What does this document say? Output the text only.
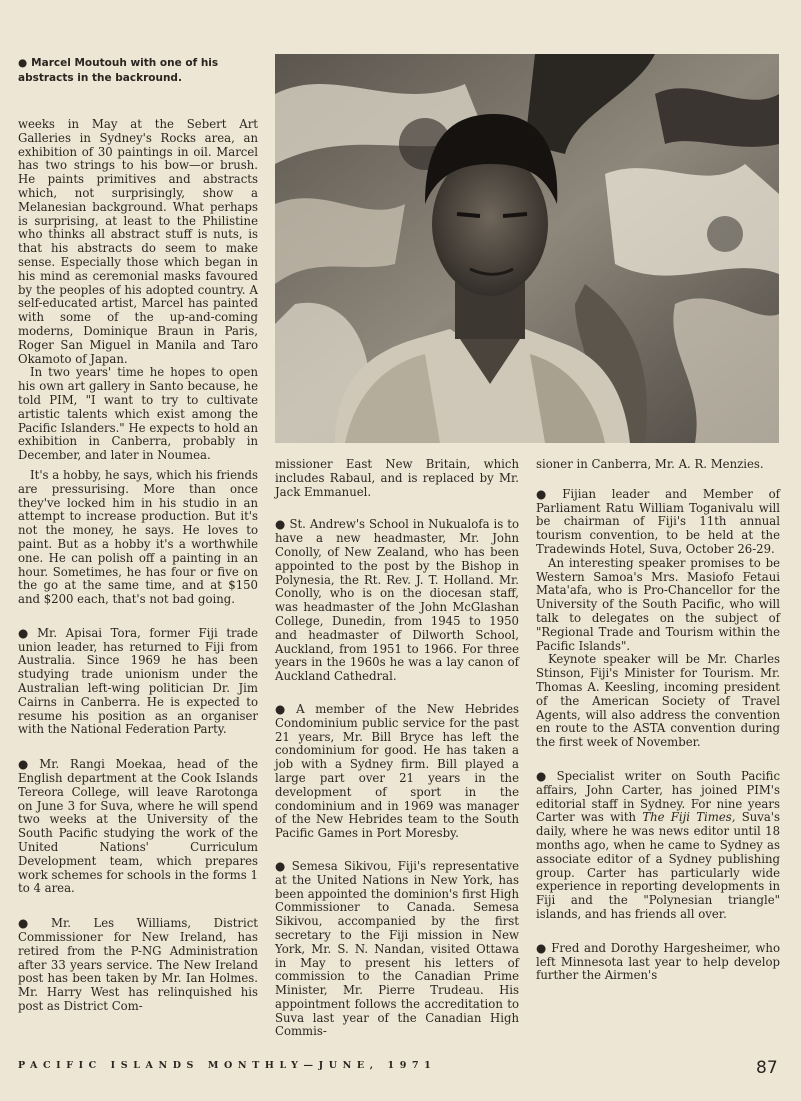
● Marcel Moutouh with one of his abstracts in the backround.

weeks in May at the Sebert Art Galleries in Sydney's Rocks area, an exhibition of 30 paintings in oil. Marcel has two strings to his bow—or brush. He paints primitives and abstracts which, not surprisingly, show a Melanesian background. What perhaps is surprising, at least to the Philistine who thinks all abstract stuff is nuts, is that his abstracts do seem to make sense. Especially those which began in his mind as ceremonial masks favoured by the peoples of his adopted country. A self-educated artist, Marcel has painted with some of the up-and-coming moderns, Dominique Braun in Paris, Roger San Miguel in Manila and Taro Okamoto of Japan.

In two years' time he hopes to open his own art gallery in Santo because, he told PIM, "I want to try to cultivate artistic talents which exist among the Pacific Islanders." He expects to hold an exhibition in Canberra, probably in December, and later in Noumea.

It's a hobby, he says, which his friends are pressurising. More than once they've locked him in his studio in an attempt to increase production. But it's not the money, he says. He loves to paint. But as a hobby it's a worthwhile one. He can polish off a painting in an hour. Sometimes, he has four or five on the go at the same time, and at $150 and $200 each, that's not bad going.

● Mr. Apisai Tora, former Fiji trade union leader, has returned to Fiji from Australia. Since 1969 he has been studying trade unionism under the Australian left-wing politician Dr. Jim Cairns in Canberra. He is expected to resume his position as an organiser with the National Federation Party.

● Mr. Rangi Moekaa, head of the English department at the Cook Islands Tereora College, will leave Rarotonga on June 3 for Suva, where he will spend two weeks at the University of the South Pacific studying the work of the United Nations' Curriculum Development team, which prepares work schemes for schools in the forms 1 to 4 area.

● Mr. Les Williams, District Commissioner for New Ireland, has retired from the P-NG Administration after 33 years service. The New Ireland post has been taken by Mr. Ian Holmes. Mr. Harry West has relinquished his post as District Com-

missioner East New Britain, which includes Rabaul, and is replaced by Mr. Jack Emmanuel.

● St. Andrew's School in Nukualofa is to have a new headmaster, Mr. John Conolly, of New Zealand, who has been appointed to the post by the Bishop in Polynesia, the Rt. Rev. J. T. Holland. Mr. Conolly, who is on the diocesan staff, was headmaster of the John McGlashan College, Dunedin, from 1945 to 1950 and headmaster of Dilworth School, Auckland, from 1951 to 1966. For three years in the 1960s he was a lay canon of Auckland Cathedral.

● A member of the New Hebrides Condominium public service for the past 21 years, Mr. Bill Bryce has left the condominium for good. He has taken a job with a Sydney firm. Bill played a large part over 21 years in the development of sport in the condominium and in 1969 was manager of the New Hebrides team to the South Pacific Games in Port Moresby.

● Semesa Sikivou, Fiji's representative at the United Nations in New York, has been appointed the dominion's first High Commissioner to Canada. Semesa Sikivou, accompanied by the first secretary to the Fiji mission in New York, Mr. S. N. Nandan, visited Ottawa in May to present his letters of commission to the Canadian Prime Minister, Mr. Pierre Trudeau. His appointment follows the accreditation to Suva last year of the Canadian High Commis-

sioner in Canberra, Mr. A. R. Menzies.

● Fijian leader and Member of Parliament Ratu William Toganivalu will be chairman of Fiji's 11th annual tourism convention, to be held at the Tradewinds Hotel, Suva, October 26-29.

An interesting speaker promises to be Western Samoa's Mrs. Masiofo Fetaui Mata'afa, who is Pro-Chancellor for the University of the South Pacific, who will talk to delegates on the subject of "Regional Trade and Tourism within the Pacific Islands".

Keynote speaker will be Mr. Charles Stinson, Fiji's Minister for Tourism. Mr. Thomas A. Keesling, incoming president of the American Society of Travel Agents, will also address the convention en route to the ASTA convention during the first week of November.

● Specialist writer on South Pacific affairs, John Carter, has joined PIM's editorial staff in Sydney. For nine years Carter was with The Fiji Times, Suva's daily, where he was news editor until 18 months ago, when he came to Sydney as associate editor of a Sydney publishing group. Carter has particularly wide experience in reporting developments in Fiji and the "Polynesian triangle" islands, and has friends all over.

● Fred and Dorothy Hargesheimer, who left Minnesota last year to help develop further the Airmen's

PACIFIC ISLANDS MONTHLY—JUNE, 1971	87
